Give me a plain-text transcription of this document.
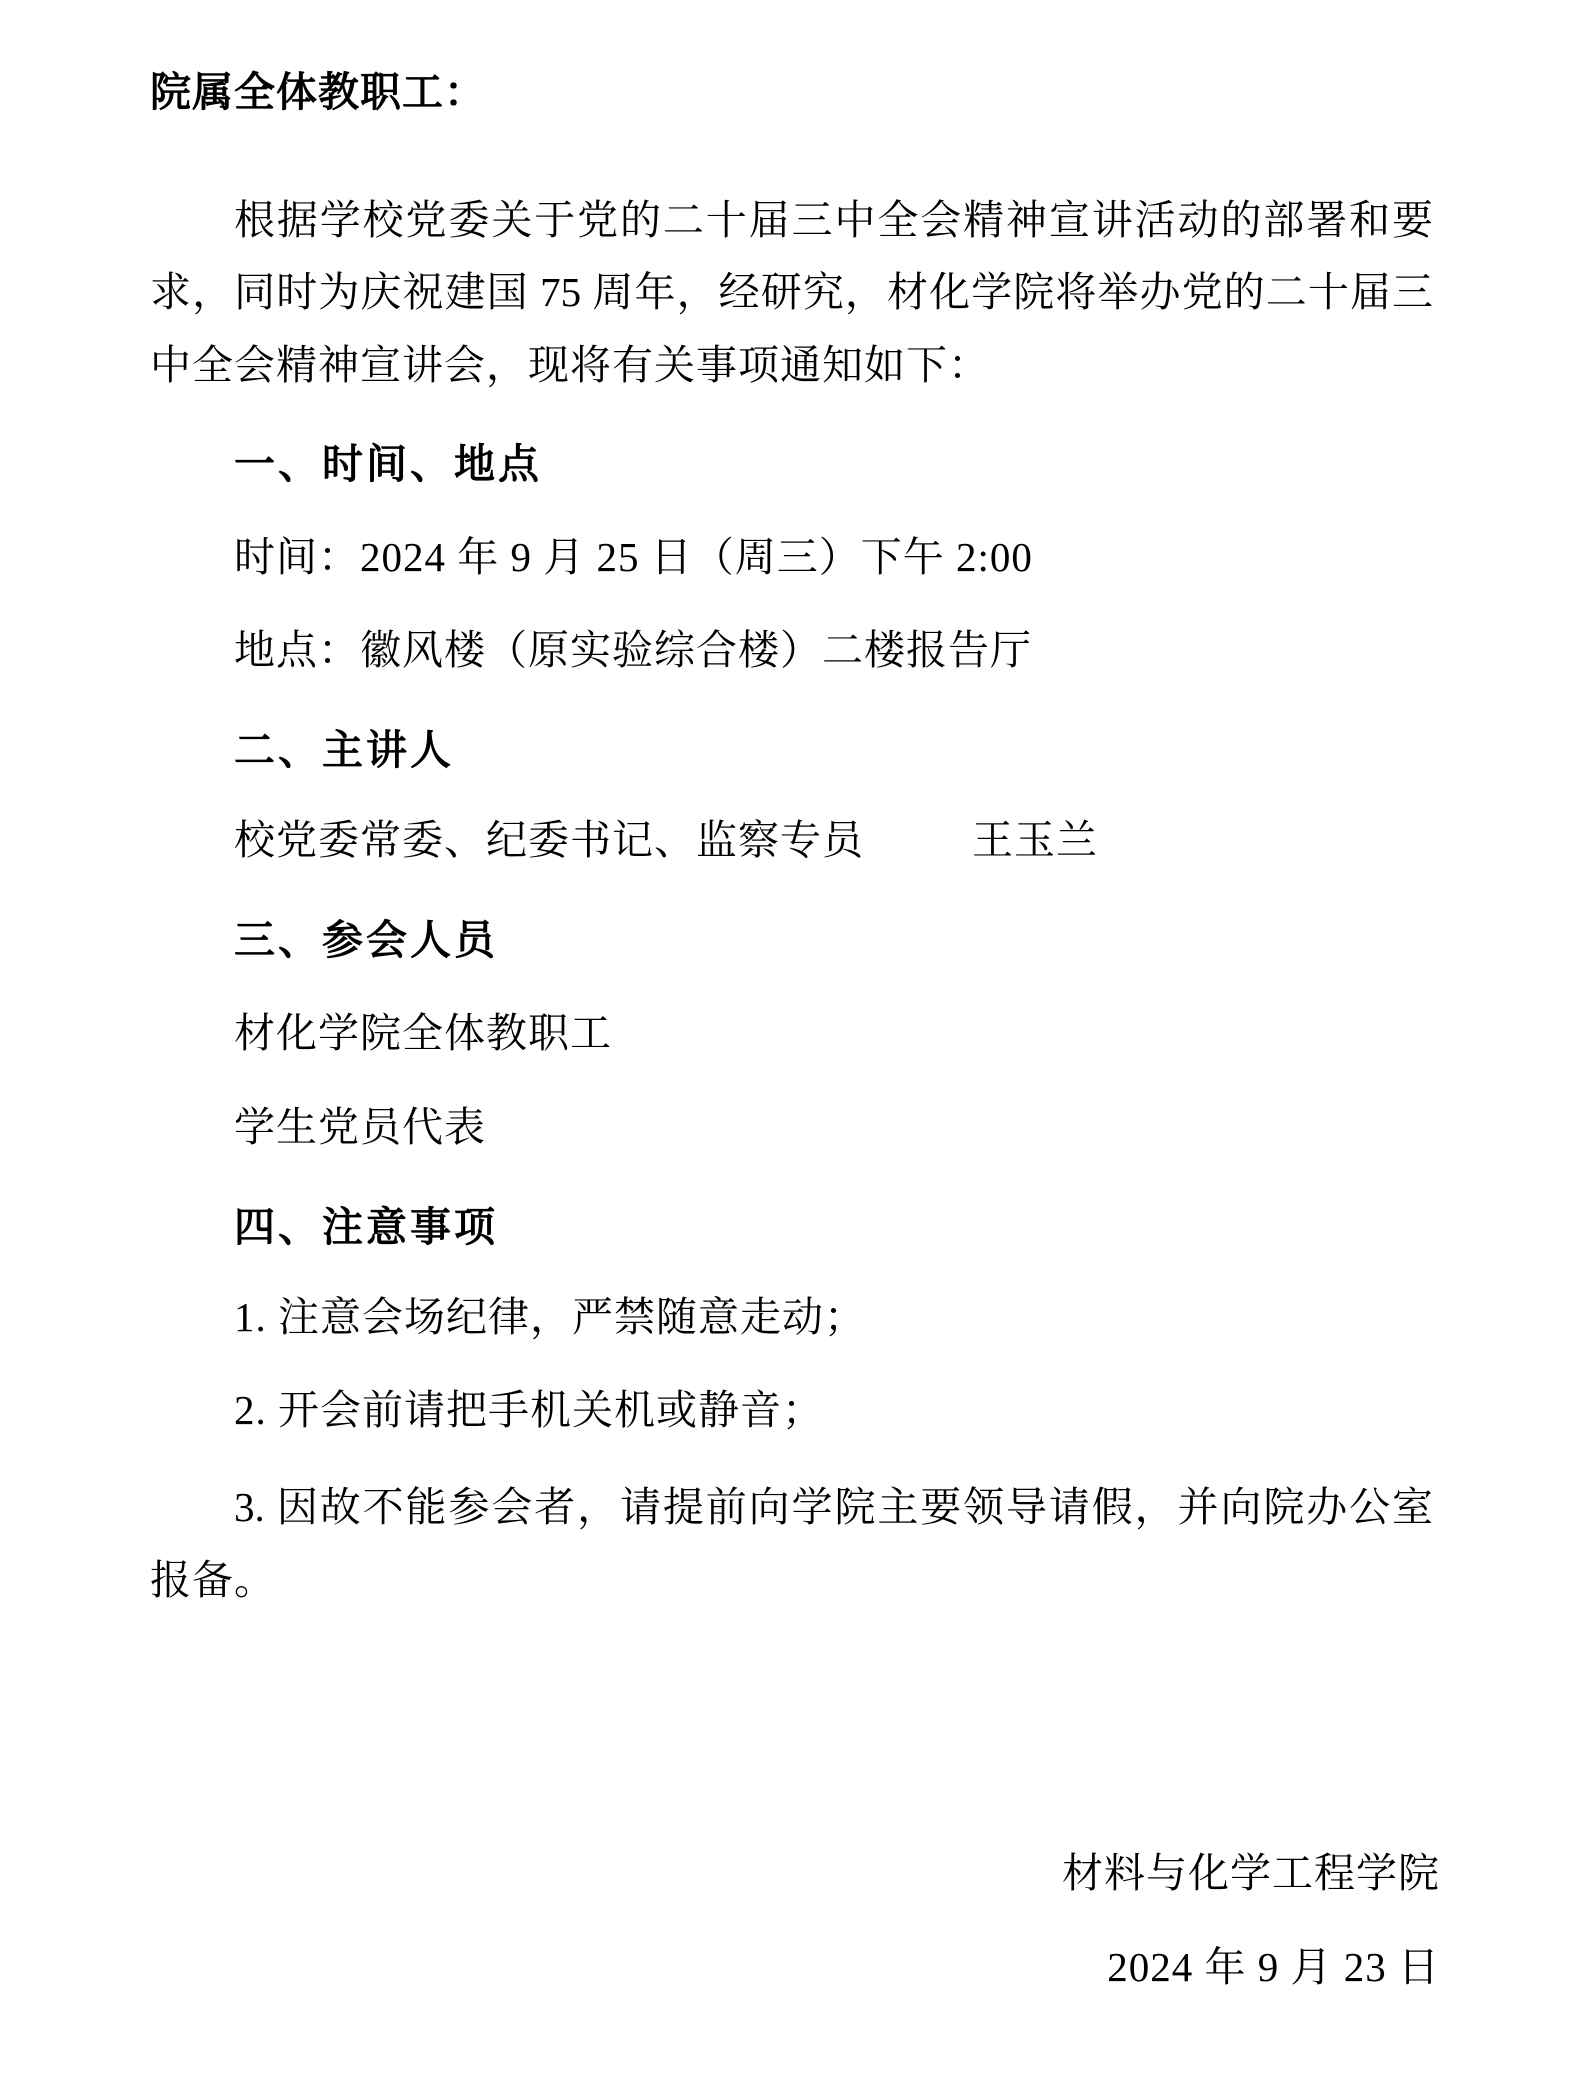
院属全体教职工：
根据学校党委关于党的二十届三中全会精神宣讲活动的部署和要
求，同时为庆祝建国 75 周年，经研究，材化学院将举办党的二十届三
中全会精神宣讲会，现将有关事项通知如下：
一、时间、地点
时间：2024 年 9 月 25 日（周三）下午 2:00
地点：徽风楼（原实验综合楼）二楼报告厅
二、主讲人
校党委常委、纪委书记、监察专员	王玉兰
三、参会人员
材化学院全体教职工
学生党员代表
四、注意事项
1. 注意会场纪律，严禁随意走动；
2. 开会前请把手机关机或静音；
3. 因故不能参会者，请提前向学院主要领导请假，并向院办公室
报备。
材料与化学工程学院
2024 年 9 月 23 日
